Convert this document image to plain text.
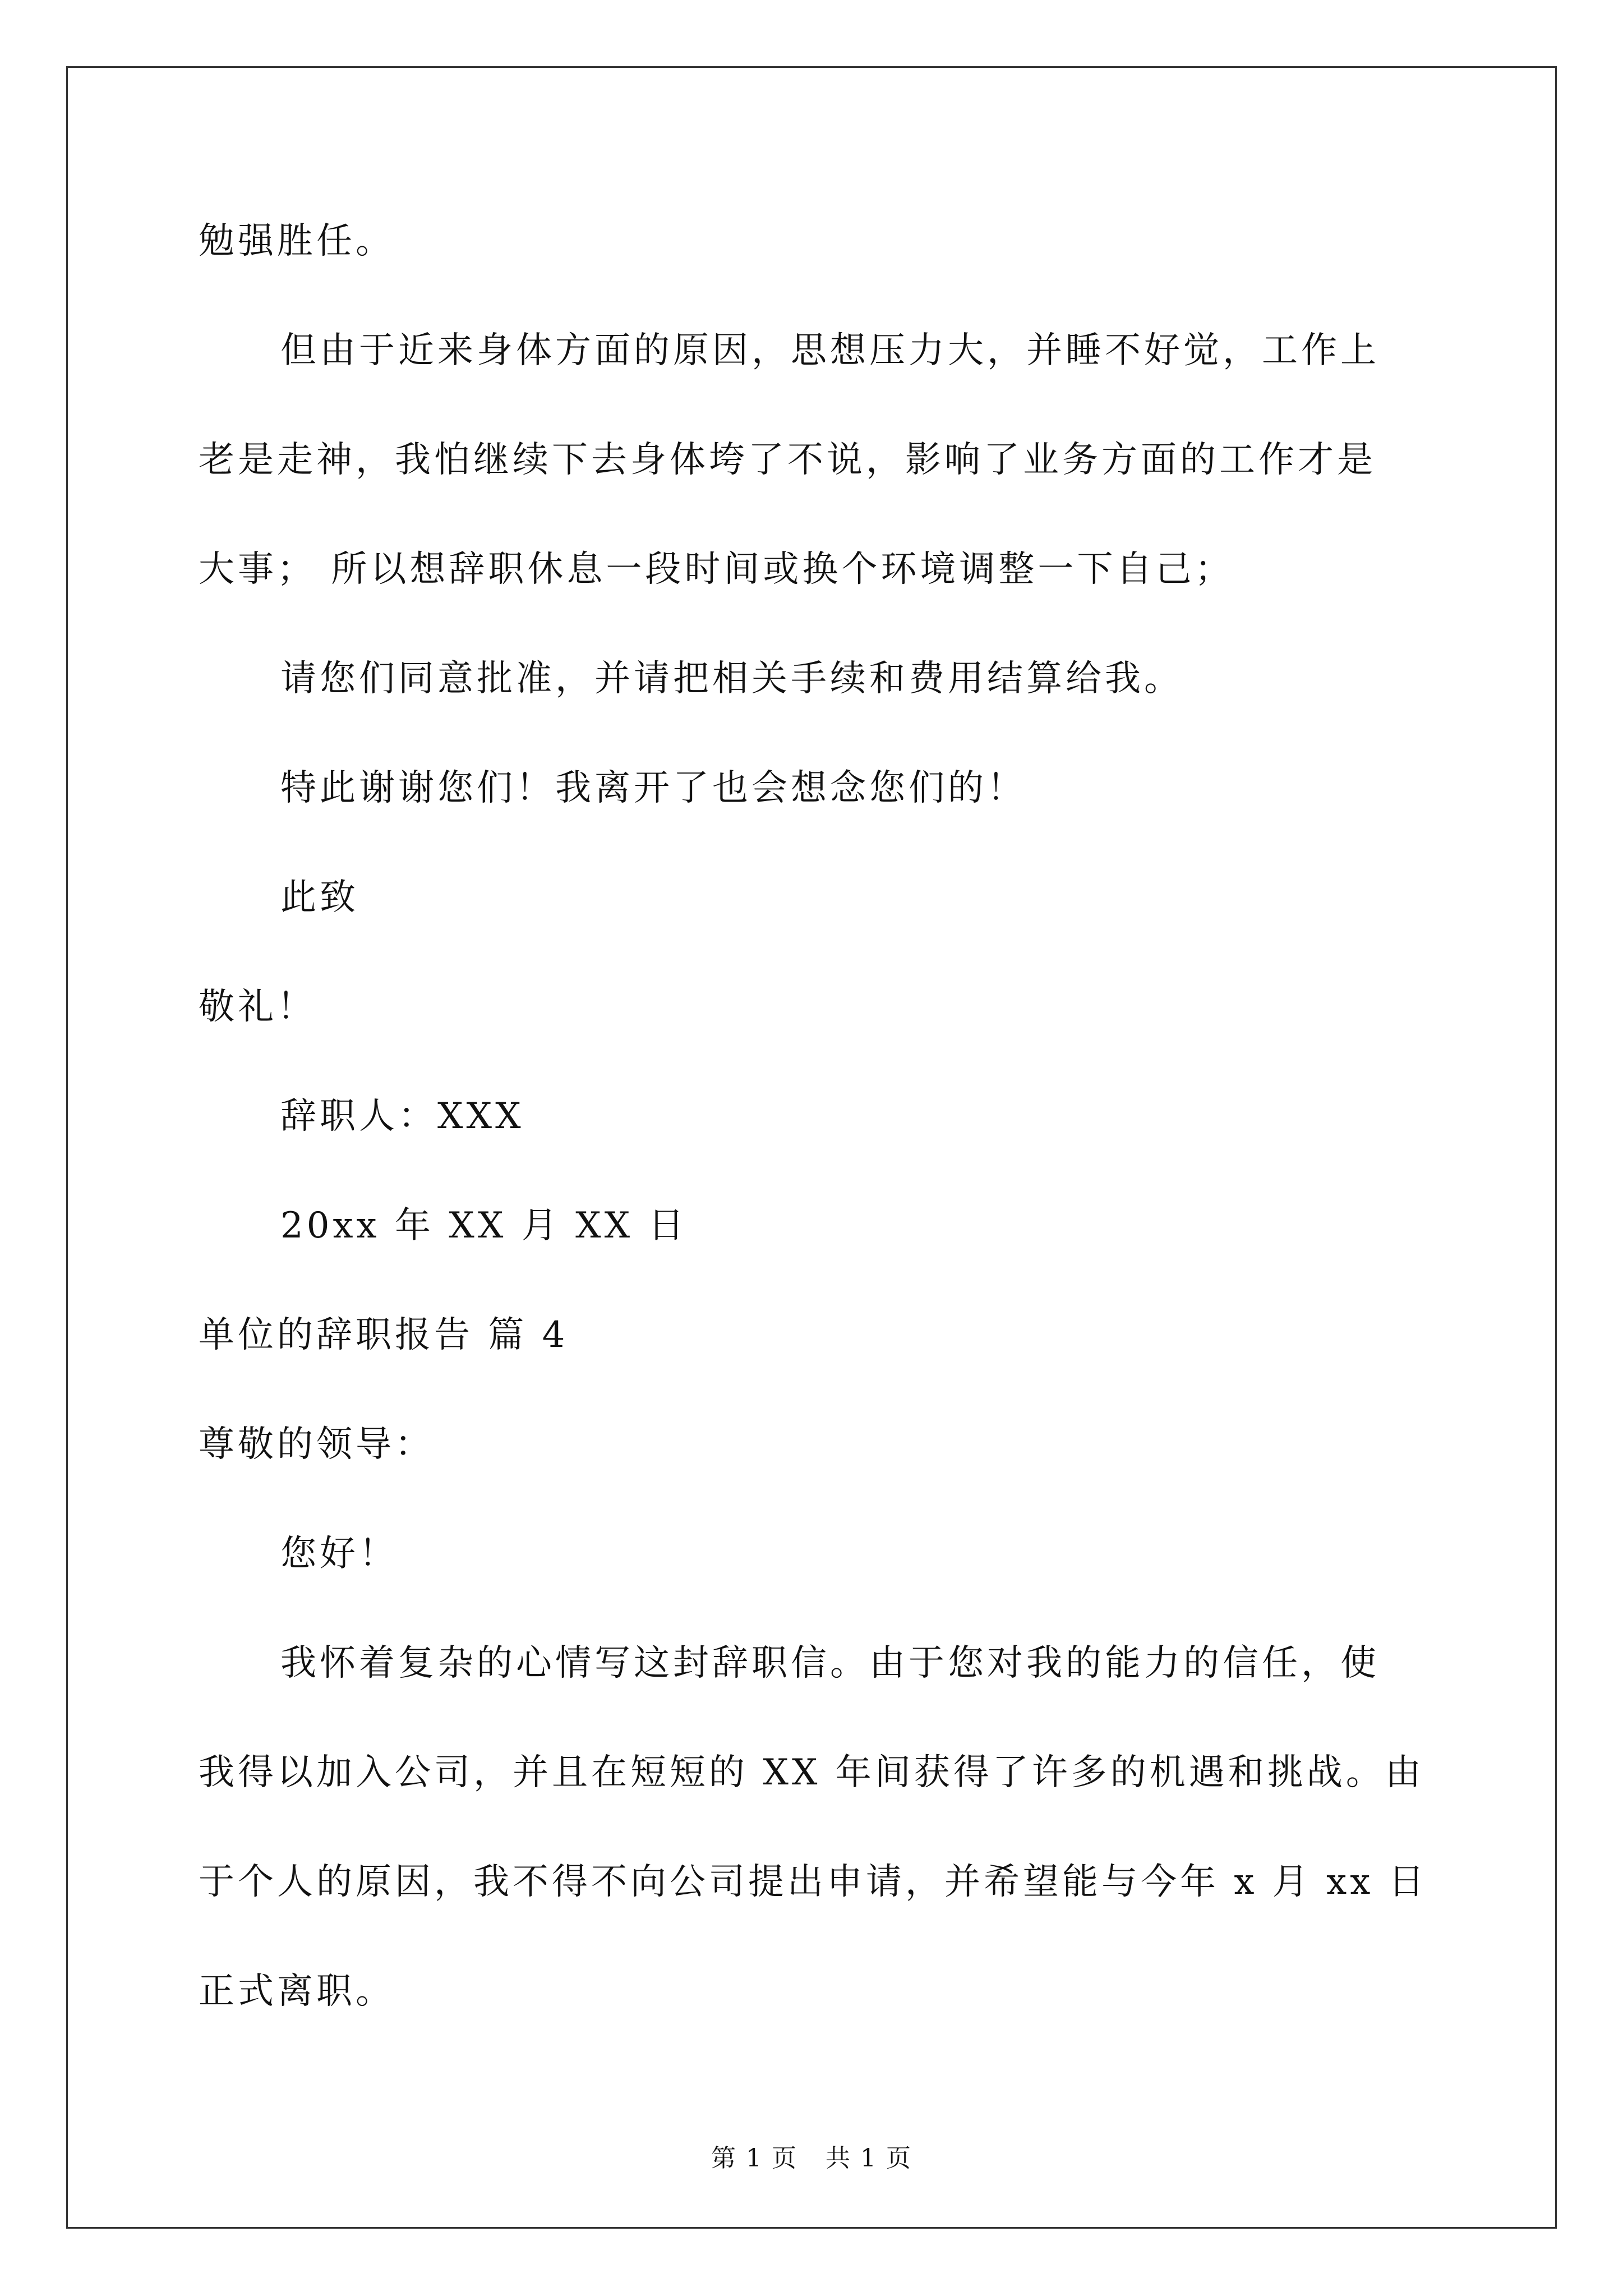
勉强胜任。
但由于近来身体方面的原因，思想压力大，并睡不好觉，工作上
老是走神，我怕继续下去身体垮了不说，影响了业务方面的工作才是
大事； 所以想辞职休息一段时间或换个环境调整一下自己；
请您们同意批准，并请把相关手续和费用结算给我。
特此谢谢您们！我离开了也会想念您们的！
此致
敬礼！
辞职人：XXX
20xx 年 XX 月 XX 日
单位的辞职报告 篇 4
尊敬的领导：
您好！
我怀着复杂的心情写这封辞职信。由于您对我的能力的信任，使
我得以加入公司，并且在短短的 XX 年间获得了许多的机遇和挑战。由
于个人的原因，我不得不向公司提出申请，并希望能与今年 x 月 xx 日
正式离职。
第 1 页 共 1 页
